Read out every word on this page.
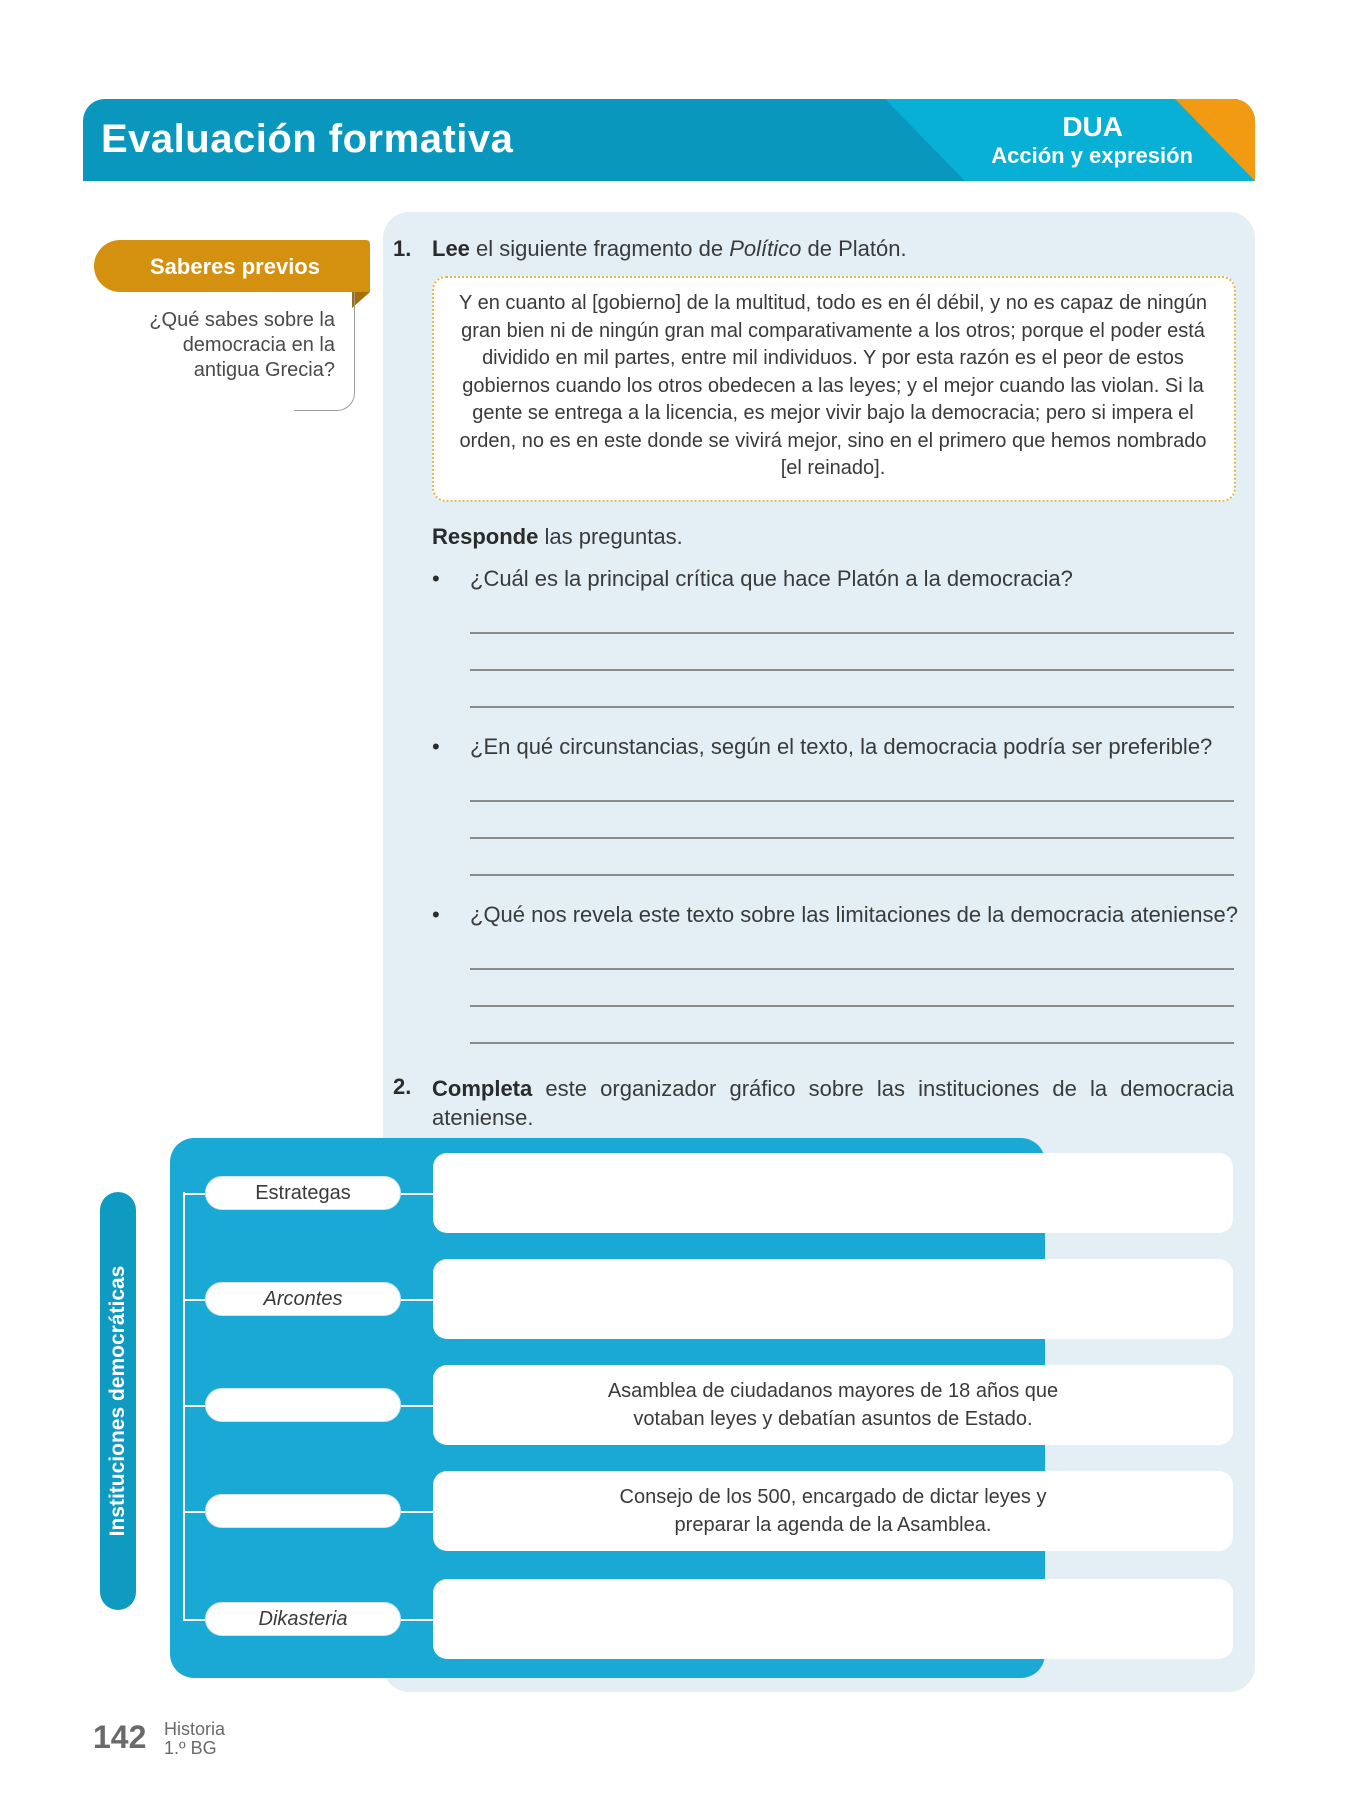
Evaluación formativa	DUA
Acción y expresión
Saberes previos
¿Qué sabes sobre la democracia en la antigua Grecia?
1. Lee el siguiente fragmento de Político de Platón.
Y en cuanto al [gobierno] de la multitud, todo es en él débil, y no es capaz de ningún gran bien ni de ningún gran mal comparativamente a los otros; porque el poder está dividido en mil partes, entre mil individuos. Y por esta razón es el peor de estos gobiernos cuando los otros obedecen a las leyes; y el mejor cuando las violan. Si la gente se entrega a la licencia, es mejor vivir bajo la democracia; pero si impera el orden, no es en este donde se vivirá mejor, sino en el primero que hemos nombrado [el reinado].
Responde las preguntas.
• ¿Cuál es la principal crítica que hace Platón a la democracia?
• ¿En qué circunstancias, según el texto, la democracia podría ser preferible?
• ¿Qué nos revela este texto sobre las limitaciones de la democracia ateniense?
2. Completa este organizador gráfico sobre las instituciones de la democracia ateniense.
Instituciones democráticas
Estrategas
Arcontes
Asamblea de ciudadanos mayores de 18 años que votaban leyes y debatían asuntos de Estado.
Consejo de los 500, encargado de dictar leyes y preparar la agenda de la Asamblea.
Dikasteria
142 Historia
1.º BG
